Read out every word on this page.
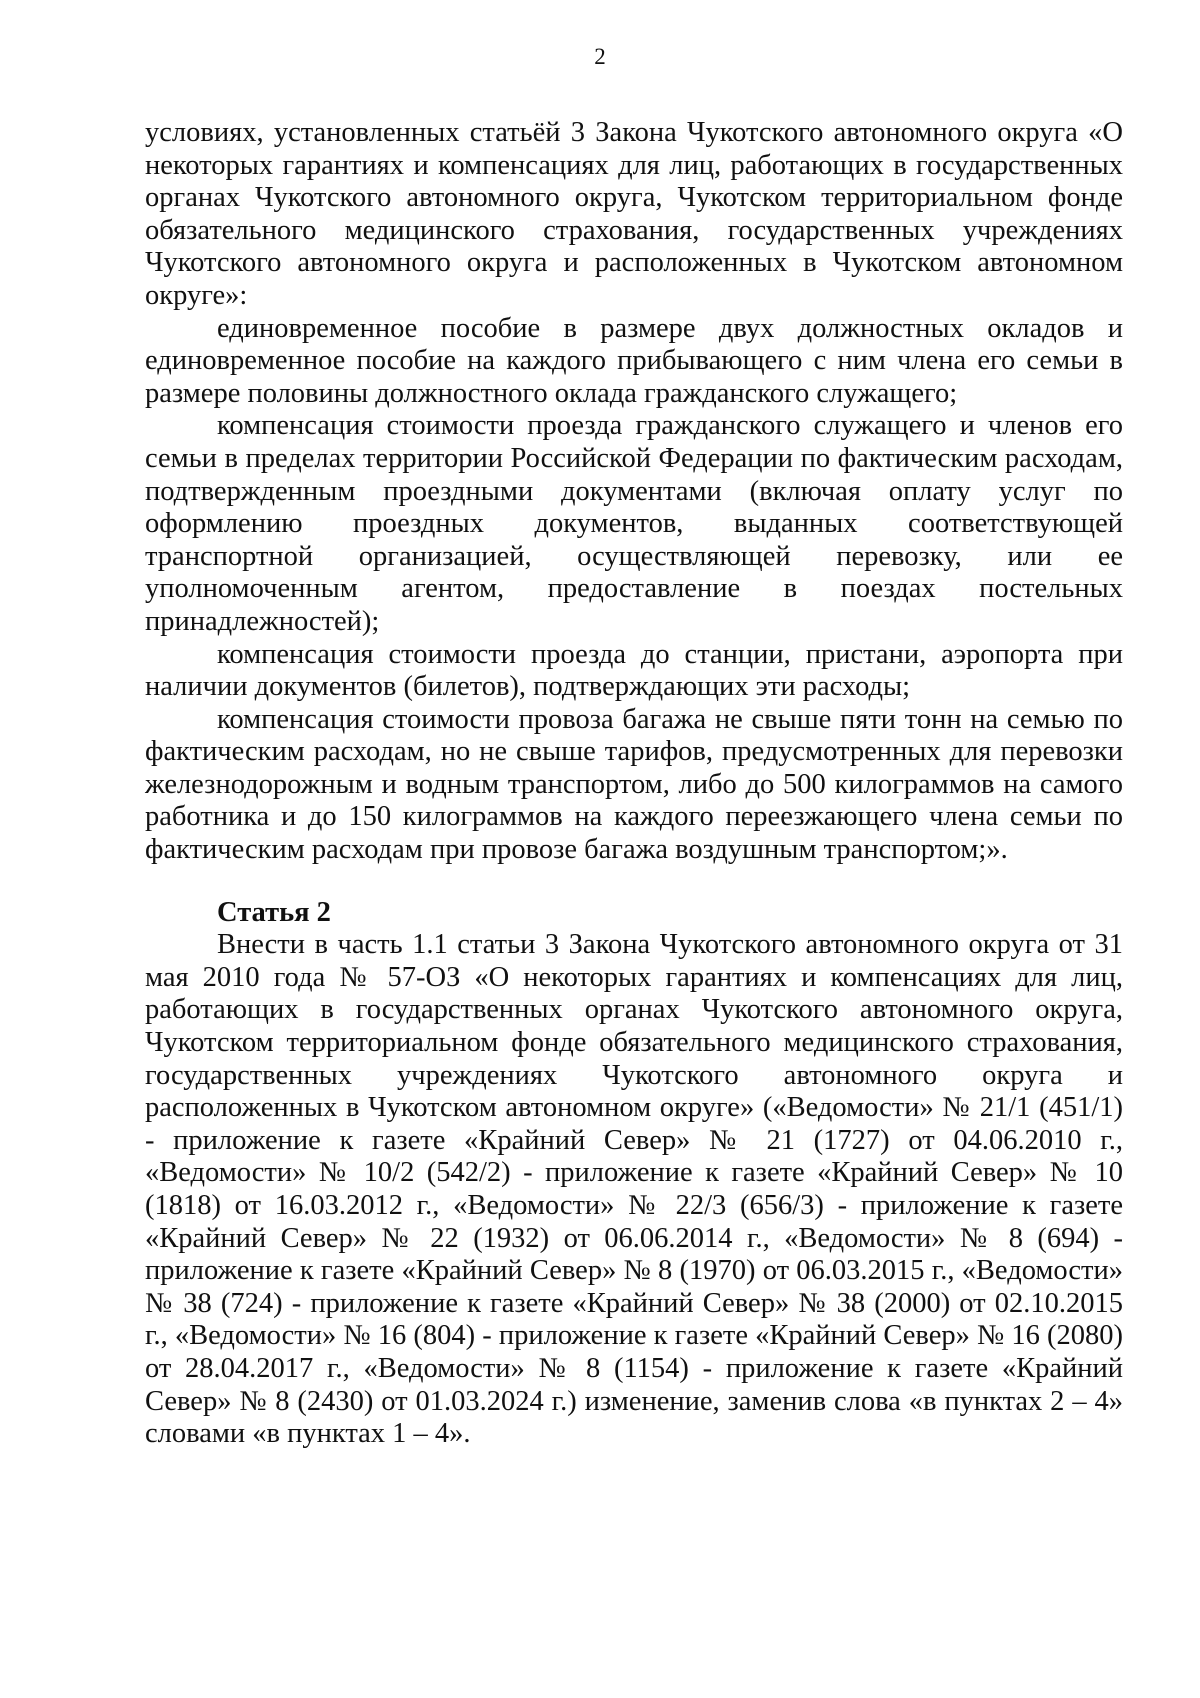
2

условиях, установленных статьёй 3 Закона Чукотского автономного округа «О некоторых гарантиях и компенсациях для лиц, работающих в государственных органах Чукотского автономного округа, Чукотском территориальном фонде обязательного медицинского страхования, государственных учреждениях Чукотского автономного округа и расположенных в Чукотском автономном округе»:

единовременное пособие в размере двух должностных окладов и единовременное пособие на каждого прибывающего с ним члена его семьи в размере половины должностного оклада гражданского служащего;

компенсация стоимости проезда гражданского служащего и членов его семьи в пределах территории Российской Федерации по фактическим расходам, подтвержденным проездными документами (включая оплату услуг по оформлению проездных документов, выданных соответствующей транспортной организацией, осуществляющей перевозку, или ее уполномоченным агентом, предоставление в поездах постельных принадлежностей);

компенсация стоимости проезда до станции, пристани, аэропорта при наличии документов (билетов), подтверждающих эти расходы;

компенсация стоимости провоза багажа не свыше пяти тонн на семью по фактическим расходам, но не свыше тарифов, предусмотренных для перевозки железнодорожным и водным транспортом, либо до 500 килограммов на самого работника и до 150 килограммов на каждого переезжающего члена семьи по фактическим расходам при провозе багажа воздушным транспортом;».

Статья 2

Внести в часть 1.1 статьи 3 Закона Чукотского автономного округа от 31 мая 2010 года № 57-ОЗ «О некоторых гарантиях и компенсациях для лиц, работающих в государственных органах Чукотского автономного округа, Чукотском территориальном фонде обязательного медицинского страхования, государственных учреждениях Чукотского автономного округа и расположенных в Чукотском автономном округе» («Ведомости» № 21/1 (451/1) - приложение к газете «Крайний Север» № 21 (1727) от 04.06.2010 г., «Ведомости» № 10/2 (542/2) - приложение к газете «Крайний Север» № 10 (1818) от 16.03.2012 г., «Ведомости» № 22/3 (656/3) - приложение к газете «Крайний Север» № 22 (1932) от 06.06.2014 г., «Ведомости» № 8 (694) - приложение к газете «Крайний Север» № 8 (1970) от 06.03.2015 г., «Ведомости» № 38 (724) - приложение к газете «Крайний Север» № 38 (2000) от 02.10.2015 г., «Ведомости» № 16 (804) - приложение к газете «Крайний Север» № 16 (2080) от 28.04.2017 г., «Ведомости» № 8 (1154) - приложение к газете «Крайний Север» № 8 (2430) от 01.03.2024 г.) изменение, заменив слова «в пунктах 2 – 4» словами «в пунктах 1 – 4».
